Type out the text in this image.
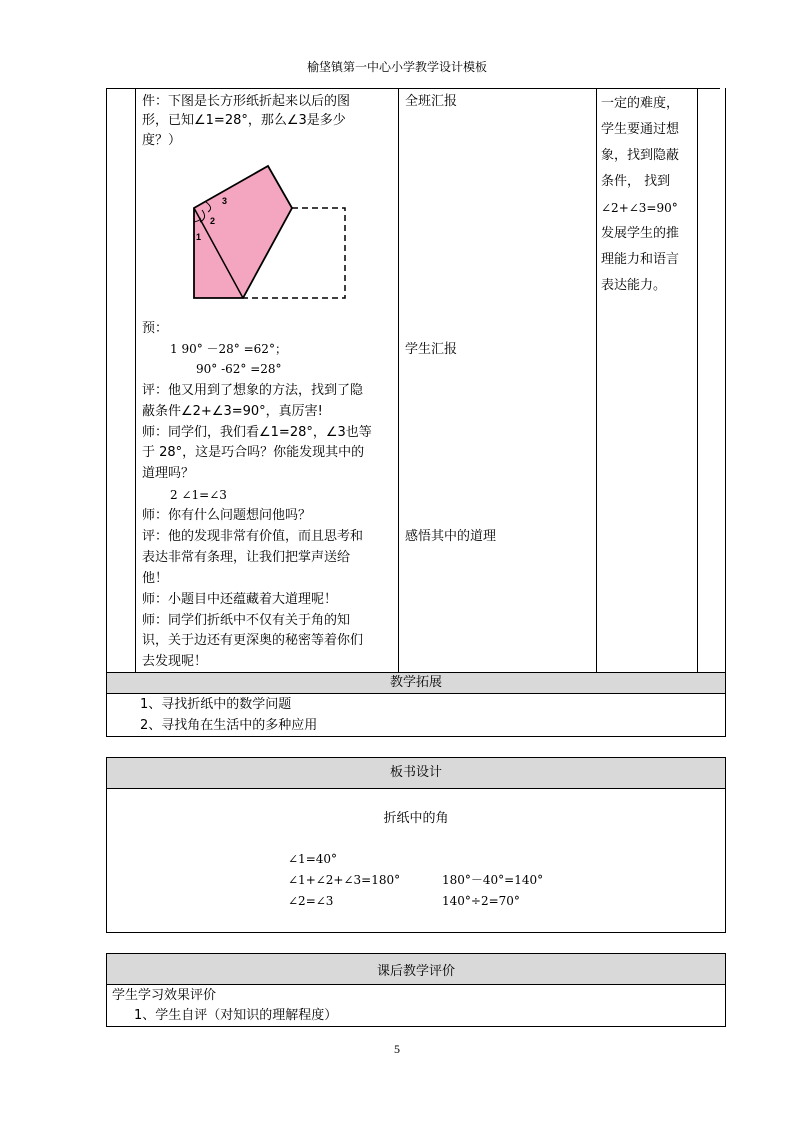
榆垡镇第一中心小学教学设计模板
件：下图是长方形纸折起来以后的图
形，已知∠1=28°，那么∠3是多少
度？）
1
2
3
预：
1 90° －28° =62°；
90° -62° =28°
评：他又用到了想象的方法，找到了隐
蔽条件∠2+∠3=90°，真厉害!
师：同学们，我们看∠1=28°，∠3也等
于 28°，这是巧合吗？你能发现其中的
道理吗？
2 ∠1=∠3
师：你有什么问题想问他吗？
评：他的发现非常有价值，而且思考和
表达非常有条理，让我们把掌声送给
他！
师：小题目中还蕴藏着大道理呢！
师：同学们折纸中不仅有关于角的知
识，关于边还有更深奥的秘密等着你们
去发现呢！
全班汇报
学生汇报
感悟其中的道理
一定的难度，
学生要通过想
象，找到隐蔽
条件， 找到
∠2+∠3=90°
发展学生的推
理能力和语言
表达能力。
教学拓展
1、寻找折纸中的数学问题
2、寻找角在生活中的多种应用
板书设计
折纸中的角
∠1=40°
∠1+∠2+∠3=180°
∠2=∠3
180°－40°=140°
140°÷2=70°
课后教学评价
学生学习效果评价
1、学生自评（对知识的理解程度）
5
